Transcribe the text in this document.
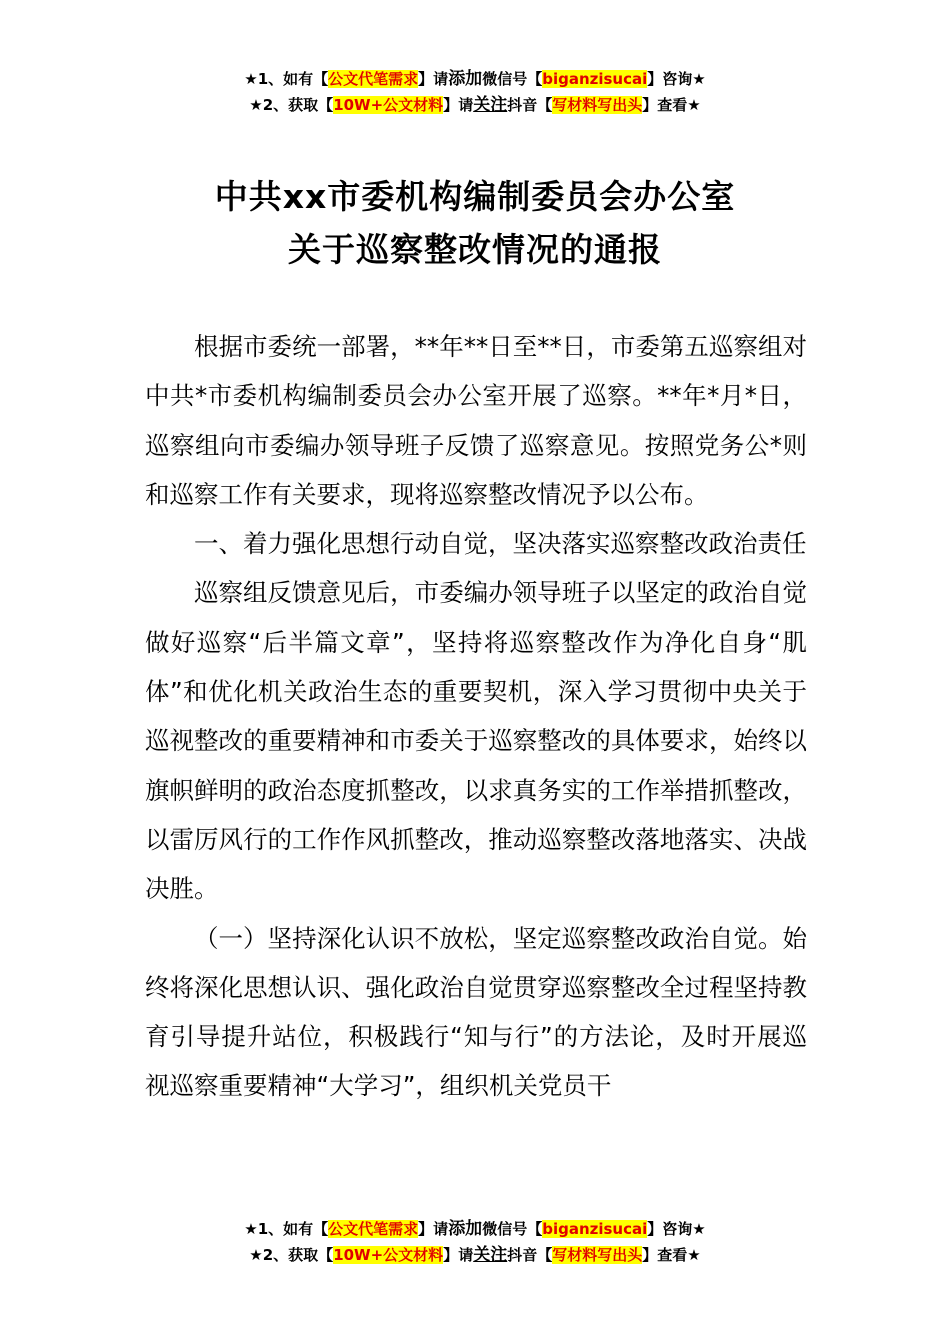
★1、如有【公文代笔需求】请添加微信号【biganzisucai】咨询★
★2、获取【10W+公文材料】请关注抖音【写材料写出头】查看★
中共xx市委机构编制委员会办公室
关于巡察整改情况的通报

根据市委统一部署，**年**日至**日，市委第五巡察组对中共*市委机构编制委员会办公室开展了巡察。**年*月*日，巡察组向市委编办领导班子反馈了巡察意见。按照党务公*则和巡察工作有关要求，现将巡察整改情况予以公布。

一、着力强化思想行动自觉，坚决落实巡察整改政治责任

巡察组反馈意见后，市委编办领导班子以坚定的政治自觉做好巡察“后半篇文章”，坚持将巡察整改作为净化自身“肌体”和优化机关政治生态的重要契机，深入学习贯彻中央关于巡视整改的重要精神和市委关于巡察整改的具体要求，始终以旗帜鲜明的政治态度抓整改，以求真务实的工作举措抓整改，以雷厉风行的工作作风抓整改，推动巡察整改落地落实、决战决胜。

（一）坚持深化认识不放松，坚定巡察整改政治自觉。始终将深化思想认识、强化政治自觉贯穿巡察整改全过程坚持教育引导提升站位，积极践行“知与行”的方法论，及时开展巡视巡察重要精神“大学习”，组织机关党员干

★1、如有【公文代笔需求】请添加微信号【biganzisucai】咨询★
★2、获取【10W+公文材料】请关注抖音【写材料写出头】查看★
